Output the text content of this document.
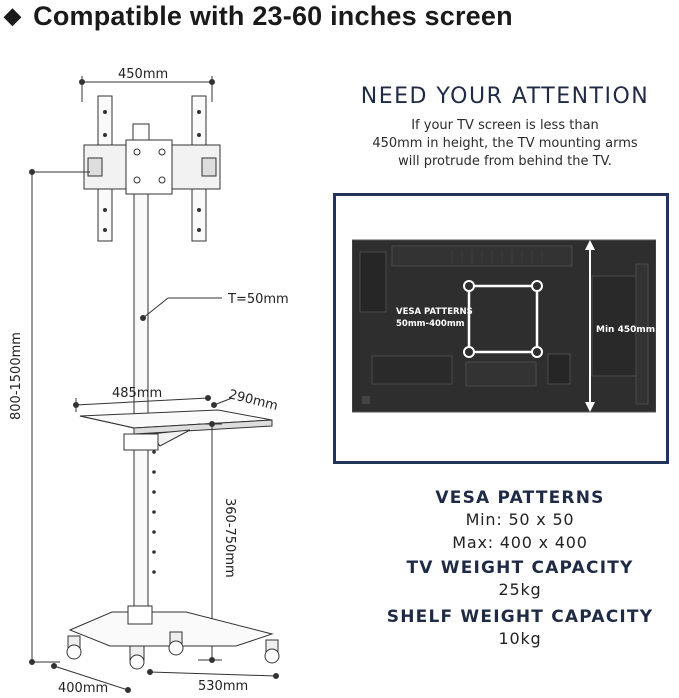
◆ Compatible with 23-60 inches screen
450mm
T=50mm
800-1500mm	485mm	290mm
360-750mm
400mm	530mm
NEED YOUR ATTENTION
If your TV screen is less than
450mm in height, the TV mounting arms
will protrude from behind the TV.
VESA PATTERNS
50mm-400mm
Min 450mm
VESA PATTERNS
Min: 50 x 50
Max: 400 x 400
TV WEIGHT CAPACITY
25kg
SHELF WEIGHT CAPACITY
10kg
